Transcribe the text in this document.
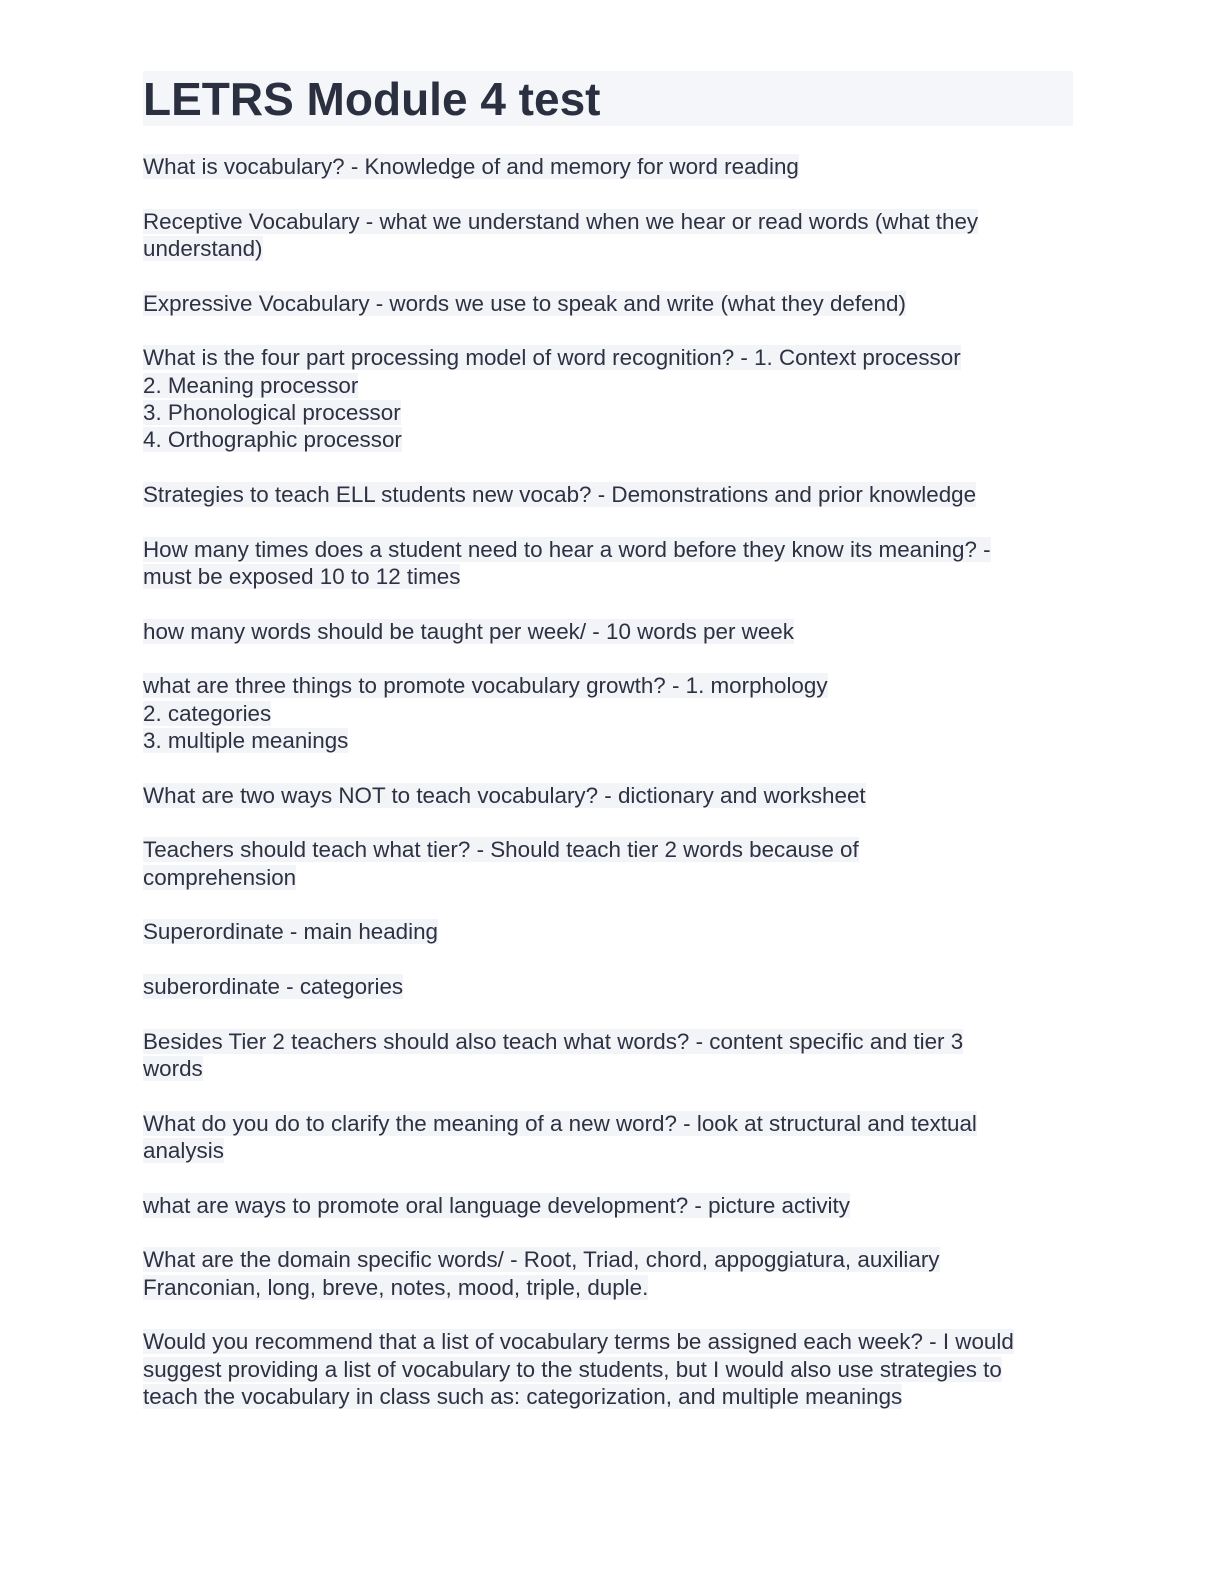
LETRS Module 4 test

What is vocabulary? - Knowledge of and memory for word reading

Receptive Vocabulary - what we understand when we hear or read words (what they
understand)

Expressive Vocabulary - words we use to speak and write (what they defend)

What is the four part processing model of word recognition? - 1. Context processor
2. Meaning processor
3. Phonological processor
4. Orthographic processor

Strategies to teach ELL students new vocab? - Demonstrations and prior knowledge

How many times does a student need to hear a word before they know its meaning? -
must be exposed 10 to 12 times

how many words should be taught per week/ - 10 words per week

what are three things to promote vocabulary growth? - 1. morphology
2. categories
3. multiple meanings

What are two ways NOT to teach vocabulary? - dictionary and worksheet

Teachers should teach what tier? - Should teach tier 2 words because of
comprehension

Superordinate - main heading

suberordinate - categories

Besides Tier 2 teachers should also teach what words? - content specific and tier 3
words

What do you do to clarify the meaning of a new word? - look at structural and textual
analysis

what are ways to promote oral language development? - picture activity

What are the domain specific words/ - Root, Triad, chord, appoggiatura, auxiliary
Franconian, long, breve, notes, mood, triple, duple.

Would you recommend that a list of vocabulary terms be assigned each week? - I would
suggest providing a list of vocabulary to the students, but I would also use strategies to
teach the vocabulary in class such as: categorization, and multiple meanings
